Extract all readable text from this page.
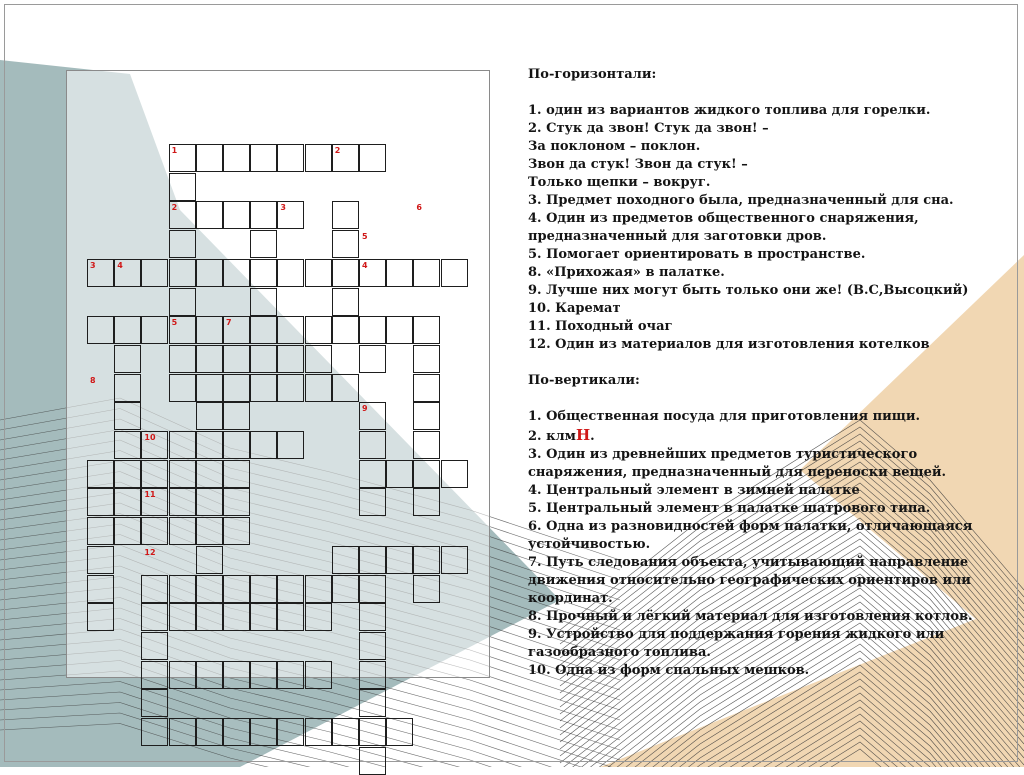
1	2
2	3	6
5
3	4	4
5	7
8
9
10
11
12

По-горизонтали:

1. один из вариантов жидкого топлива для горелки.

2. Стук да звон! Стук да звон! –

За поклоном – поклон.

Звон да стук! Звон да стук! –

Только щепки – вокруг.

3. Предмет походного была, предназначенный для сна.

4. Один из предметов общественного снаряжения,

предназначенный для заготовки дров.

5. Помогает ориентировать в пространстве.

8. «Прихожая» в палатке.

9. Лучше них могут быть только они же! (В.С,Высоцкий)

10. Каремат

11. Походный очаг

12. Один из материалов для изготовления котелков

По-вертикали:

1. Общественная посуда для приготовления пищи.

2. клмН.

3. Один из древнейших предметов туристического

снаряжения, предназначенный для переноски вещей.

4. Центральный элемент в зимней палатке

5. Центральный элемент в палатке шатрового типа.

6. Одна из разновидностей форм палатки, отличающаяся

устойчивостью.

7. Путь следования объекта, учитывающий направление

движения относительно географических ориентиров или

координат.

8. Прочный и лёгкий материал для изготовления котлов.

9. Устройство для поддержания горения жидкого или

газообразного топлива.

10. Одна из форм спальных мешков.
